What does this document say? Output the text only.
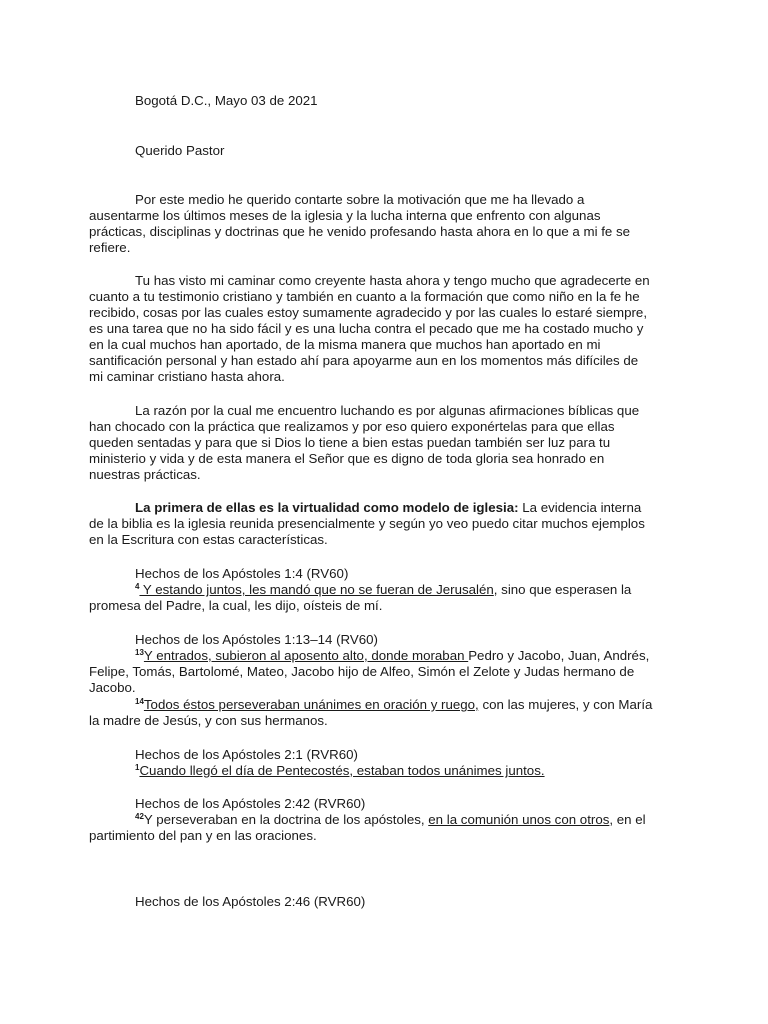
Bogotá D.C., Mayo 03 de 2021
Querido Pastor
Por este medio he querido contarte sobre la motivación que me ha llevado a
ausentarme los últimos meses de la iglesia y la lucha interna que enfrento con algunas
prácticas, disciplinas y doctrinas que he venido profesando hasta ahora en lo que a mi fe se
refiere.
Tu has visto mi caminar como creyente hasta ahora y tengo mucho que agradecerte en
cuanto a tu testimonio cristiano y también en cuanto a la formación que como niño en la fe he
recibido, cosas por las cuales estoy sumamente agradecido y por las cuales lo estaré siempre,
es una tarea que no ha sido fácil y es una lucha contra el pecado que me ha costado mucho y
en la cual muchos han aportado, de la misma manera que muchos han aportado en mi
santificación personal y han estado ahí para apoyarme aun en los momentos más difíciles de
mi caminar cristiano hasta ahora.
La razón por la cual me encuentro luchando es por algunas afirmaciones bíblicas que
han chocado con la práctica que realizamos y por eso quiero exponértelas para que ellas
queden sentadas y para que si Dios lo tiene a bien estas puedan también ser luz para tu
ministerio y vida y de esta manera el Señor que es digno de toda gloria sea honrado en
nuestras prácticas.
La primera de ellas es la virtualidad como modelo de iglesia: La evidencia interna
de la biblia es la iglesia reunida presencialmente y según yo veo puedo citar muchos ejemplos
en la Escritura con estas características.
Hechos de los Apóstoles 1:4 (RV60)
$^4$ Y estando juntos, les mandó que no se fueran de Jerusalén, sino que esperasen la
promesa del Padre, la cual, les dijo, oísteis de mí.
Hechos de los Apóstoles 1:13–14 (RV60)
$^{13}$Y entrados, subieron al aposento alto, donde moraban Pedro y Jacobo, Juan, Andrés,
Felipe, Tomás, Bartolomé, Mateo, Jacobo hijo de Alfeo, Simón el Zelote y Judas hermano de
Jacobo.
$^{14}$Todos éstos perseveraban unánimes en oración y ruego, con las mujeres, y con María
la madre de Jesús, y con sus hermanos.
Hechos de los Apóstoles 2:1 (RVR60)
$^1$Cuando llegó el día de Pentecostés, estaban todos unánimes juntos.
Hechos de los Apóstoles 2:42 (RVR60)
$^{42}$Y perseveraban en la doctrina de los apóstoles, en la comunión unos con otros, en el
partimiento del pan y en las oraciones.
Hechos de los Apóstoles 2:46 (RVR60)
